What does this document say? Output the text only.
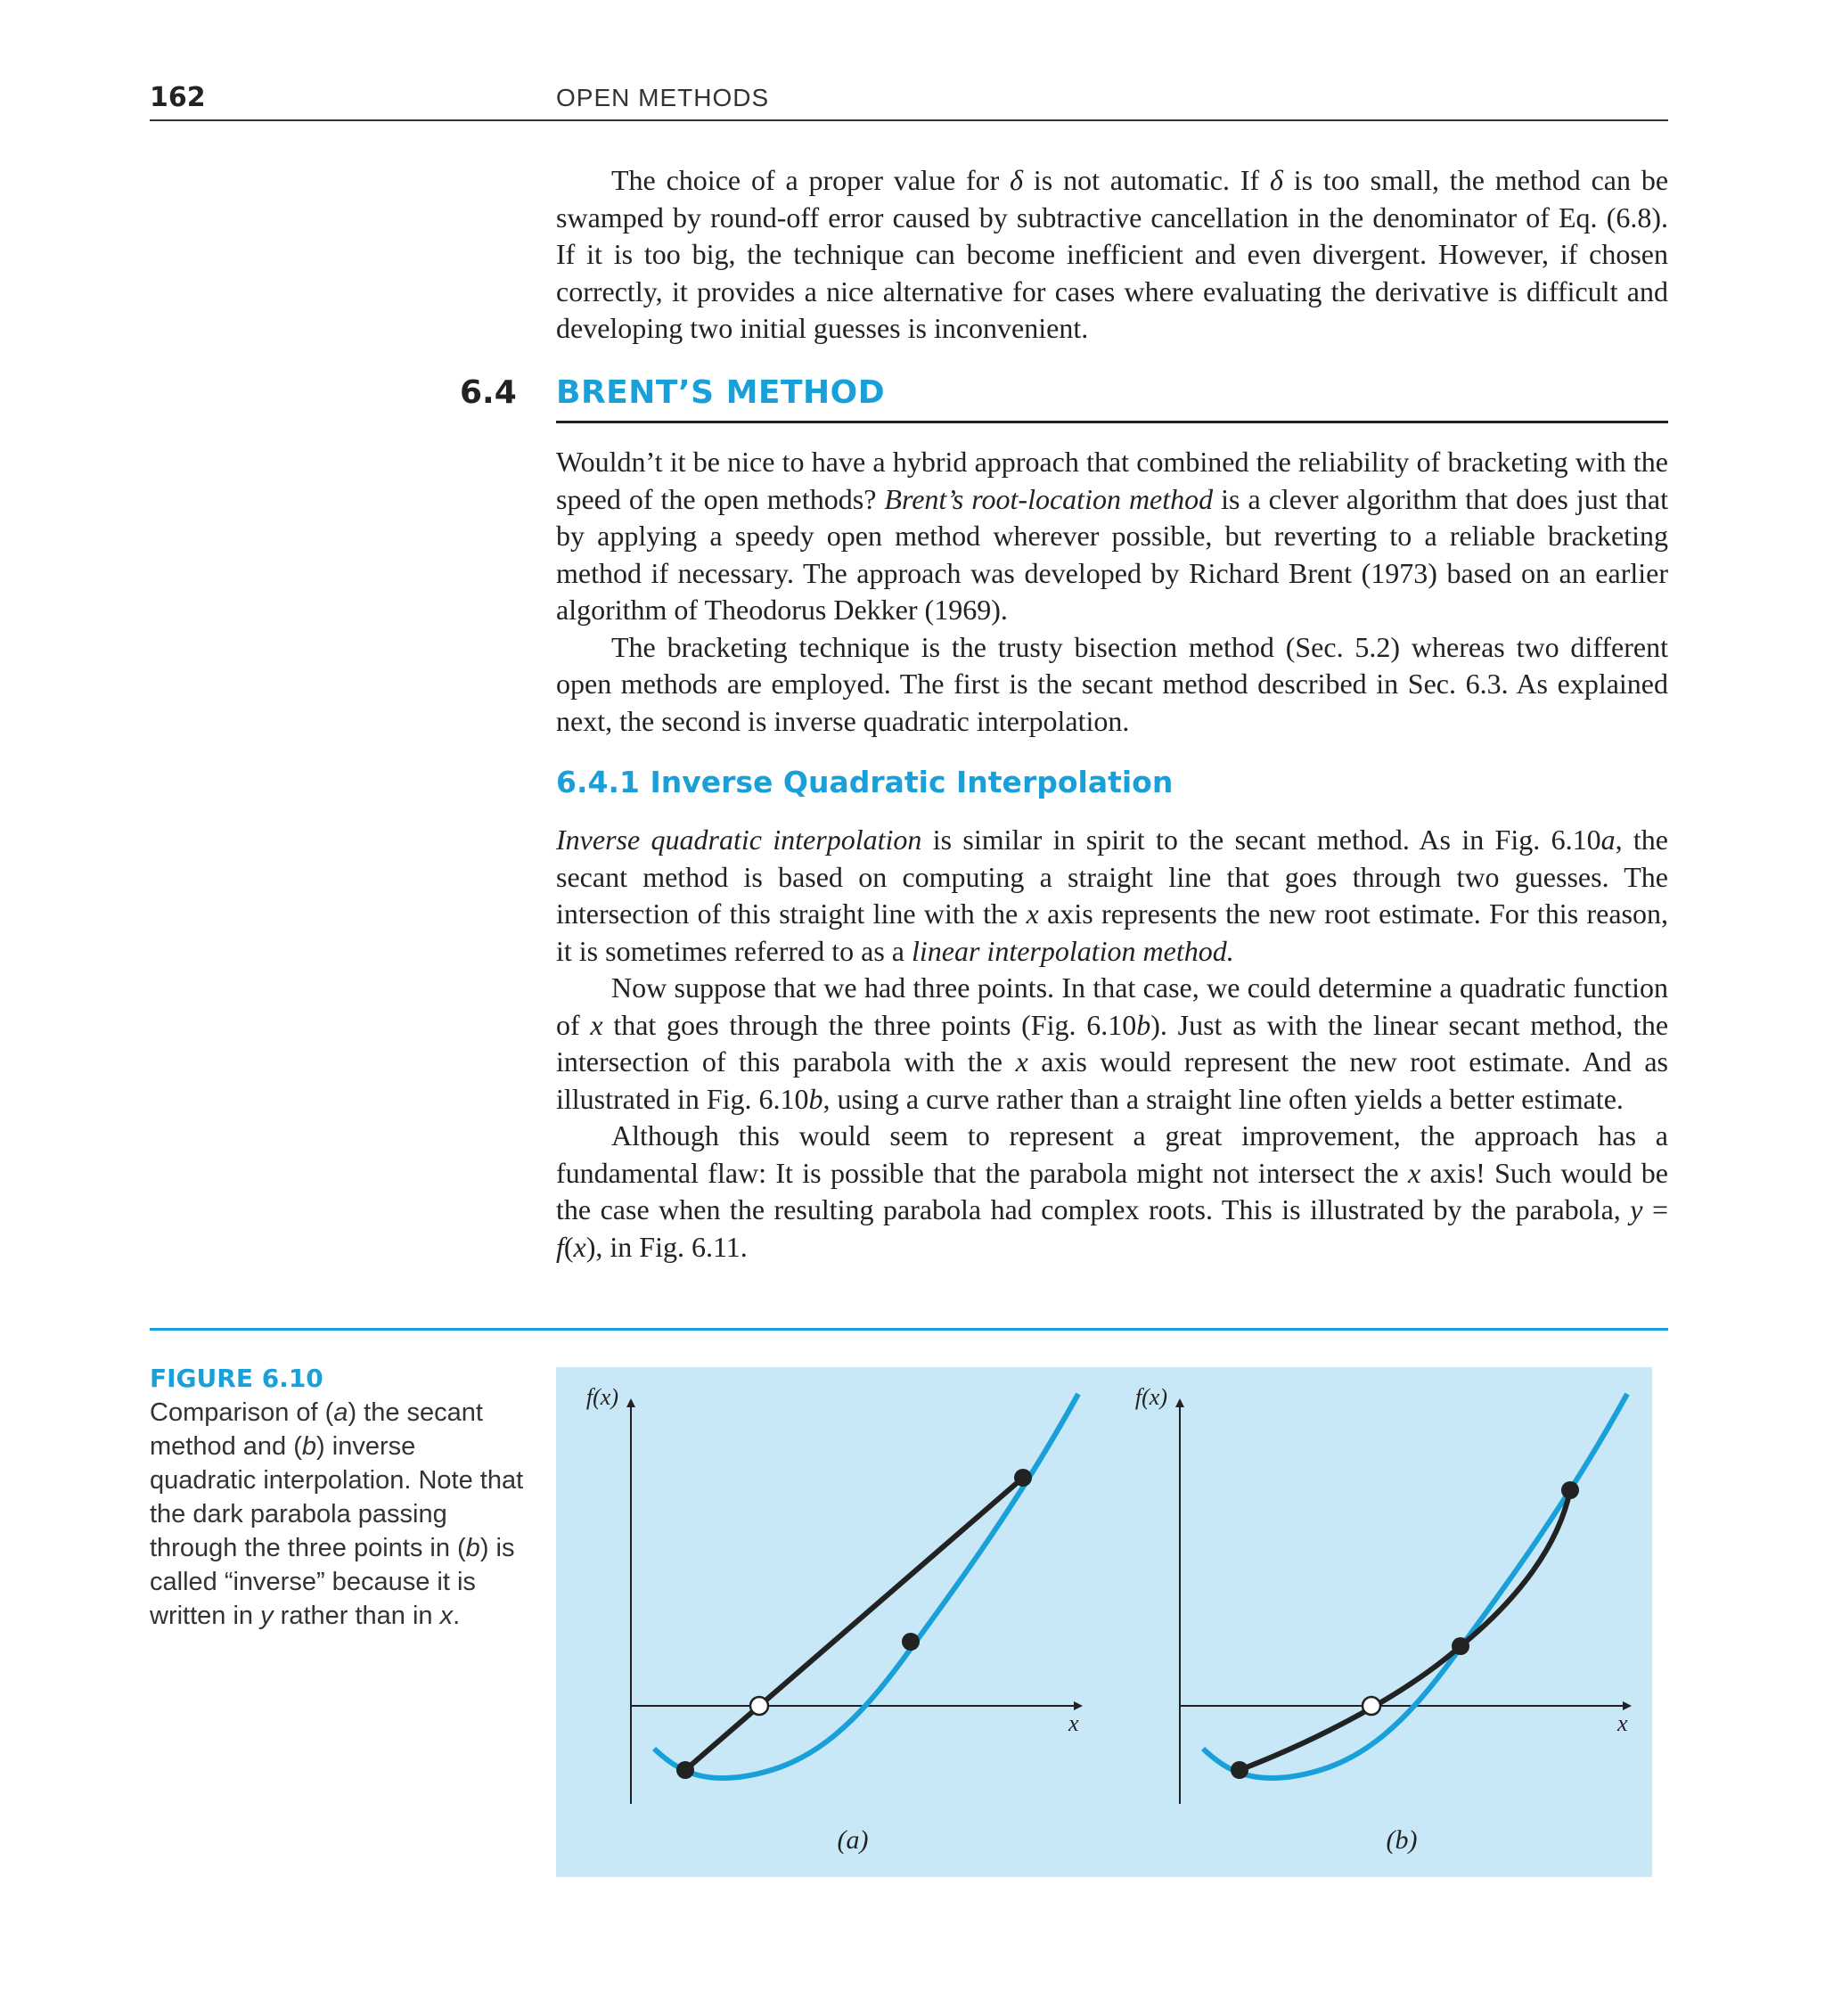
162	OPEN METHODS

The choice of a proper value for δ is not automatic. If δ is too small, the method can be swamped by round-off error caused by subtractive cancellation in the denominator of Eq. (6.8). If it is too big, the technique can become inefficient and even divergent. However, if chosen correctly, it provides a nice alternative for cases where evaluating the derivative is difficult and developing two initial guesses is inconvenient.

6.4 BRENT’S METHOD

Wouldn’t it be nice to have a hybrid approach that combined the reliability of bracketing with the speed of the open methods? Brent’s root-location method is a clever algorithm that does just that by applying a speedy open method wherever possible, but reverting to a reliable bracketing method if necessary. The approach was developed by Richard Brent (1973) based on an earlier algorithm of Theodorus Dekker (1969).

The bracketing technique is the trusty bisection method (Sec. 5.2) whereas two different open methods are employed. The first is the secant method described in Sec. 6.3. As explained next, the second is inverse quadratic interpolation.

6.4.1 Inverse Quadratic Interpolation

Inverse quadratic interpolation is similar in spirit to the secant method. As in Fig. 6.10a, the secant method is based on computing a straight line that goes through two guesses. The intersection of this straight line with the x axis represents the new root estimate. For this reason, it is sometimes referred to as a linear interpolation method.

Now suppose that we had three points. In that case, we could determine a quadratic function of x that goes through the three points (Fig. 6.10b). Just as with the linear secant method, the intersection of this parabola with the x axis would represent the new root estimate. And as illustrated in Fig. 6.10b, using a curve rather than a straight line often yields a better estimate.

Although this would seem to represent a great improvement, the approach has a fundamental flaw: It is possible that the parabola might not intersect the x axis! Such would be the case when the resulting parabola had complex roots. This is illustrated by the parabola, y = f(x), in Fig. 6.11.

FIGURE 6.10
Comparison of (a) the secant method and (b) inverse quadratic interpolation. Note that the dark parabola passing through the three points in (b) is called “inverse” because it is written in y rather than in x.
f(x)
x
(a)
f(x)
x
(b)
